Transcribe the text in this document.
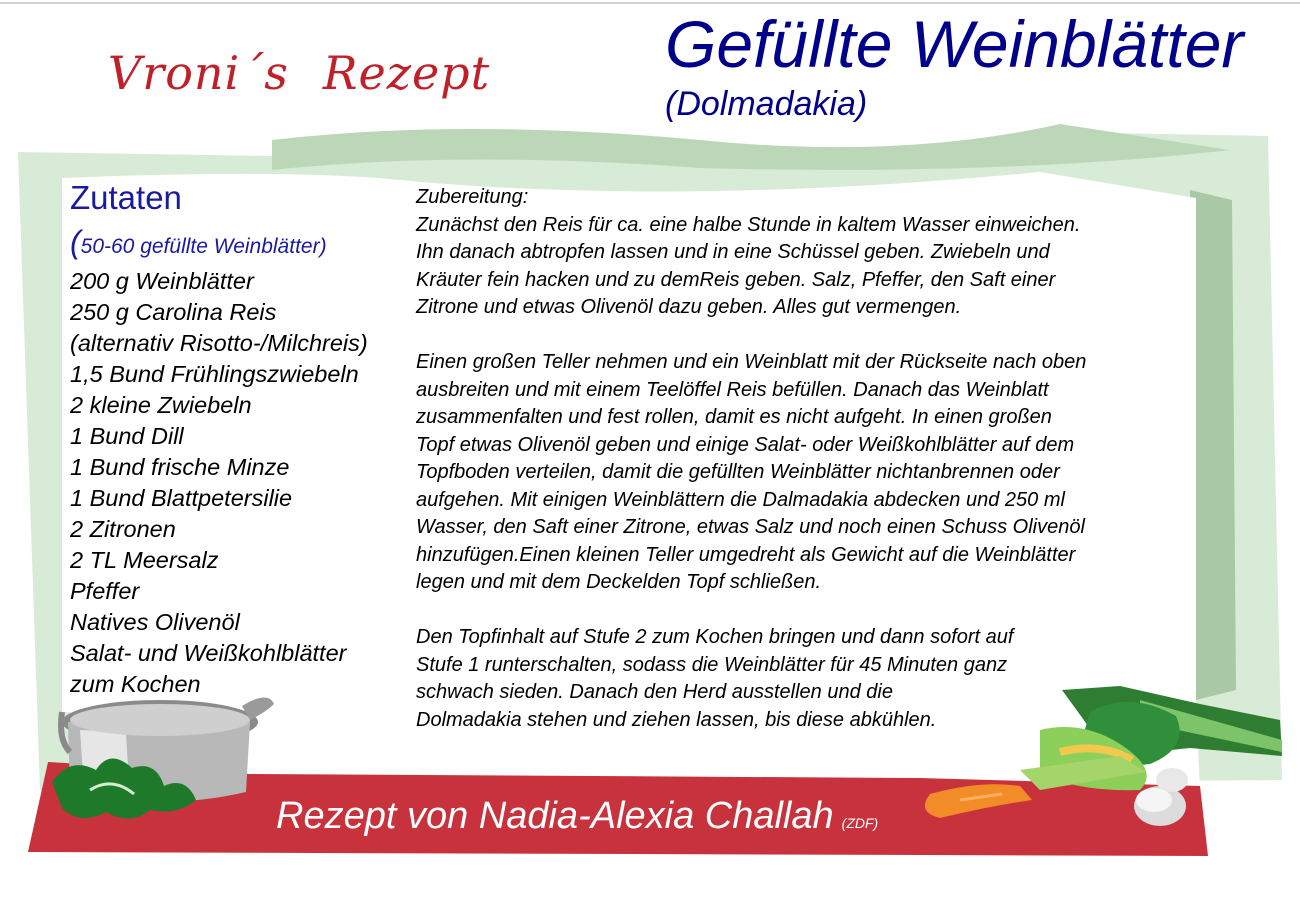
Vroni´s Rezept	Gefüllte Weinblätter
(Dolmadakia)
Zutaten
(50-60 gefüllte Weinblätter)
200 g Weinblätter
250 g Carolina Reis
(alternativ Risotto-/Milchreis)
1,5 Bund Frühlingszwiebeln
2 kleine Zwiebeln
1 Bund Dill
1 Bund frische Minze
1 Bund Blattpetersilie
2 Zitronen
2 TL Meersalz
Pfeffer
Natives Olivenöl
Salat- und Weißkohlblätter
zum Kochen

Zubereitung:

Zunächst den Reis für ca. eine halbe Stunde in kaltem Wasser einweichen.

Ihn danach abtropfen lassen und in eine Schüssel geben. Zwiebeln und

Kräuter fein hacken und zu demReis geben. Salz, Pfeffer, den Saft einer

Zitrone und etwas Olivenöl dazu geben. Alles gut vermengen.

Einen großen Teller nehmen und ein Weinblatt mit der Rückseite nach oben

ausbreiten und mit einem Teelöffel Reis befüllen. Danach das Weinblatt

zusammenfalten und fest rollen, damit es nicht aufgeht. In einen großen

Topf etwas Olivenöl geben und einige Salat- oder Weißkohlblätter auf dem

Topfboden verteilen, damit die gefüllten Weinblätter nichtanbrennen oder

aufgehen. Mit einigen Weinblättern die Dalmadakia abdecken und 250 ml

Wasser, den Saft einer Zitrone, etwas Salz und noch einen Schuss Olivenöl

hinzufügen.Einen kleinen Teller umgedreht als Gewicht auf die Weinblätter

legen und mit dem Deckelden Topf schließen.

Den Topfinhalt auf Stufe 2 zum Kochen bringen und dann sofort auf

Stufe 1 runterschalten, sodass die Weinblätter für 45 Minuten ganz

schwach sieden. Danach den Herd ausstellen und die

Dolmadakia stehen und ziehen lassen, bis diese abkühlen.

Rezept von Nadia-Alexia Challah (ZDF)
